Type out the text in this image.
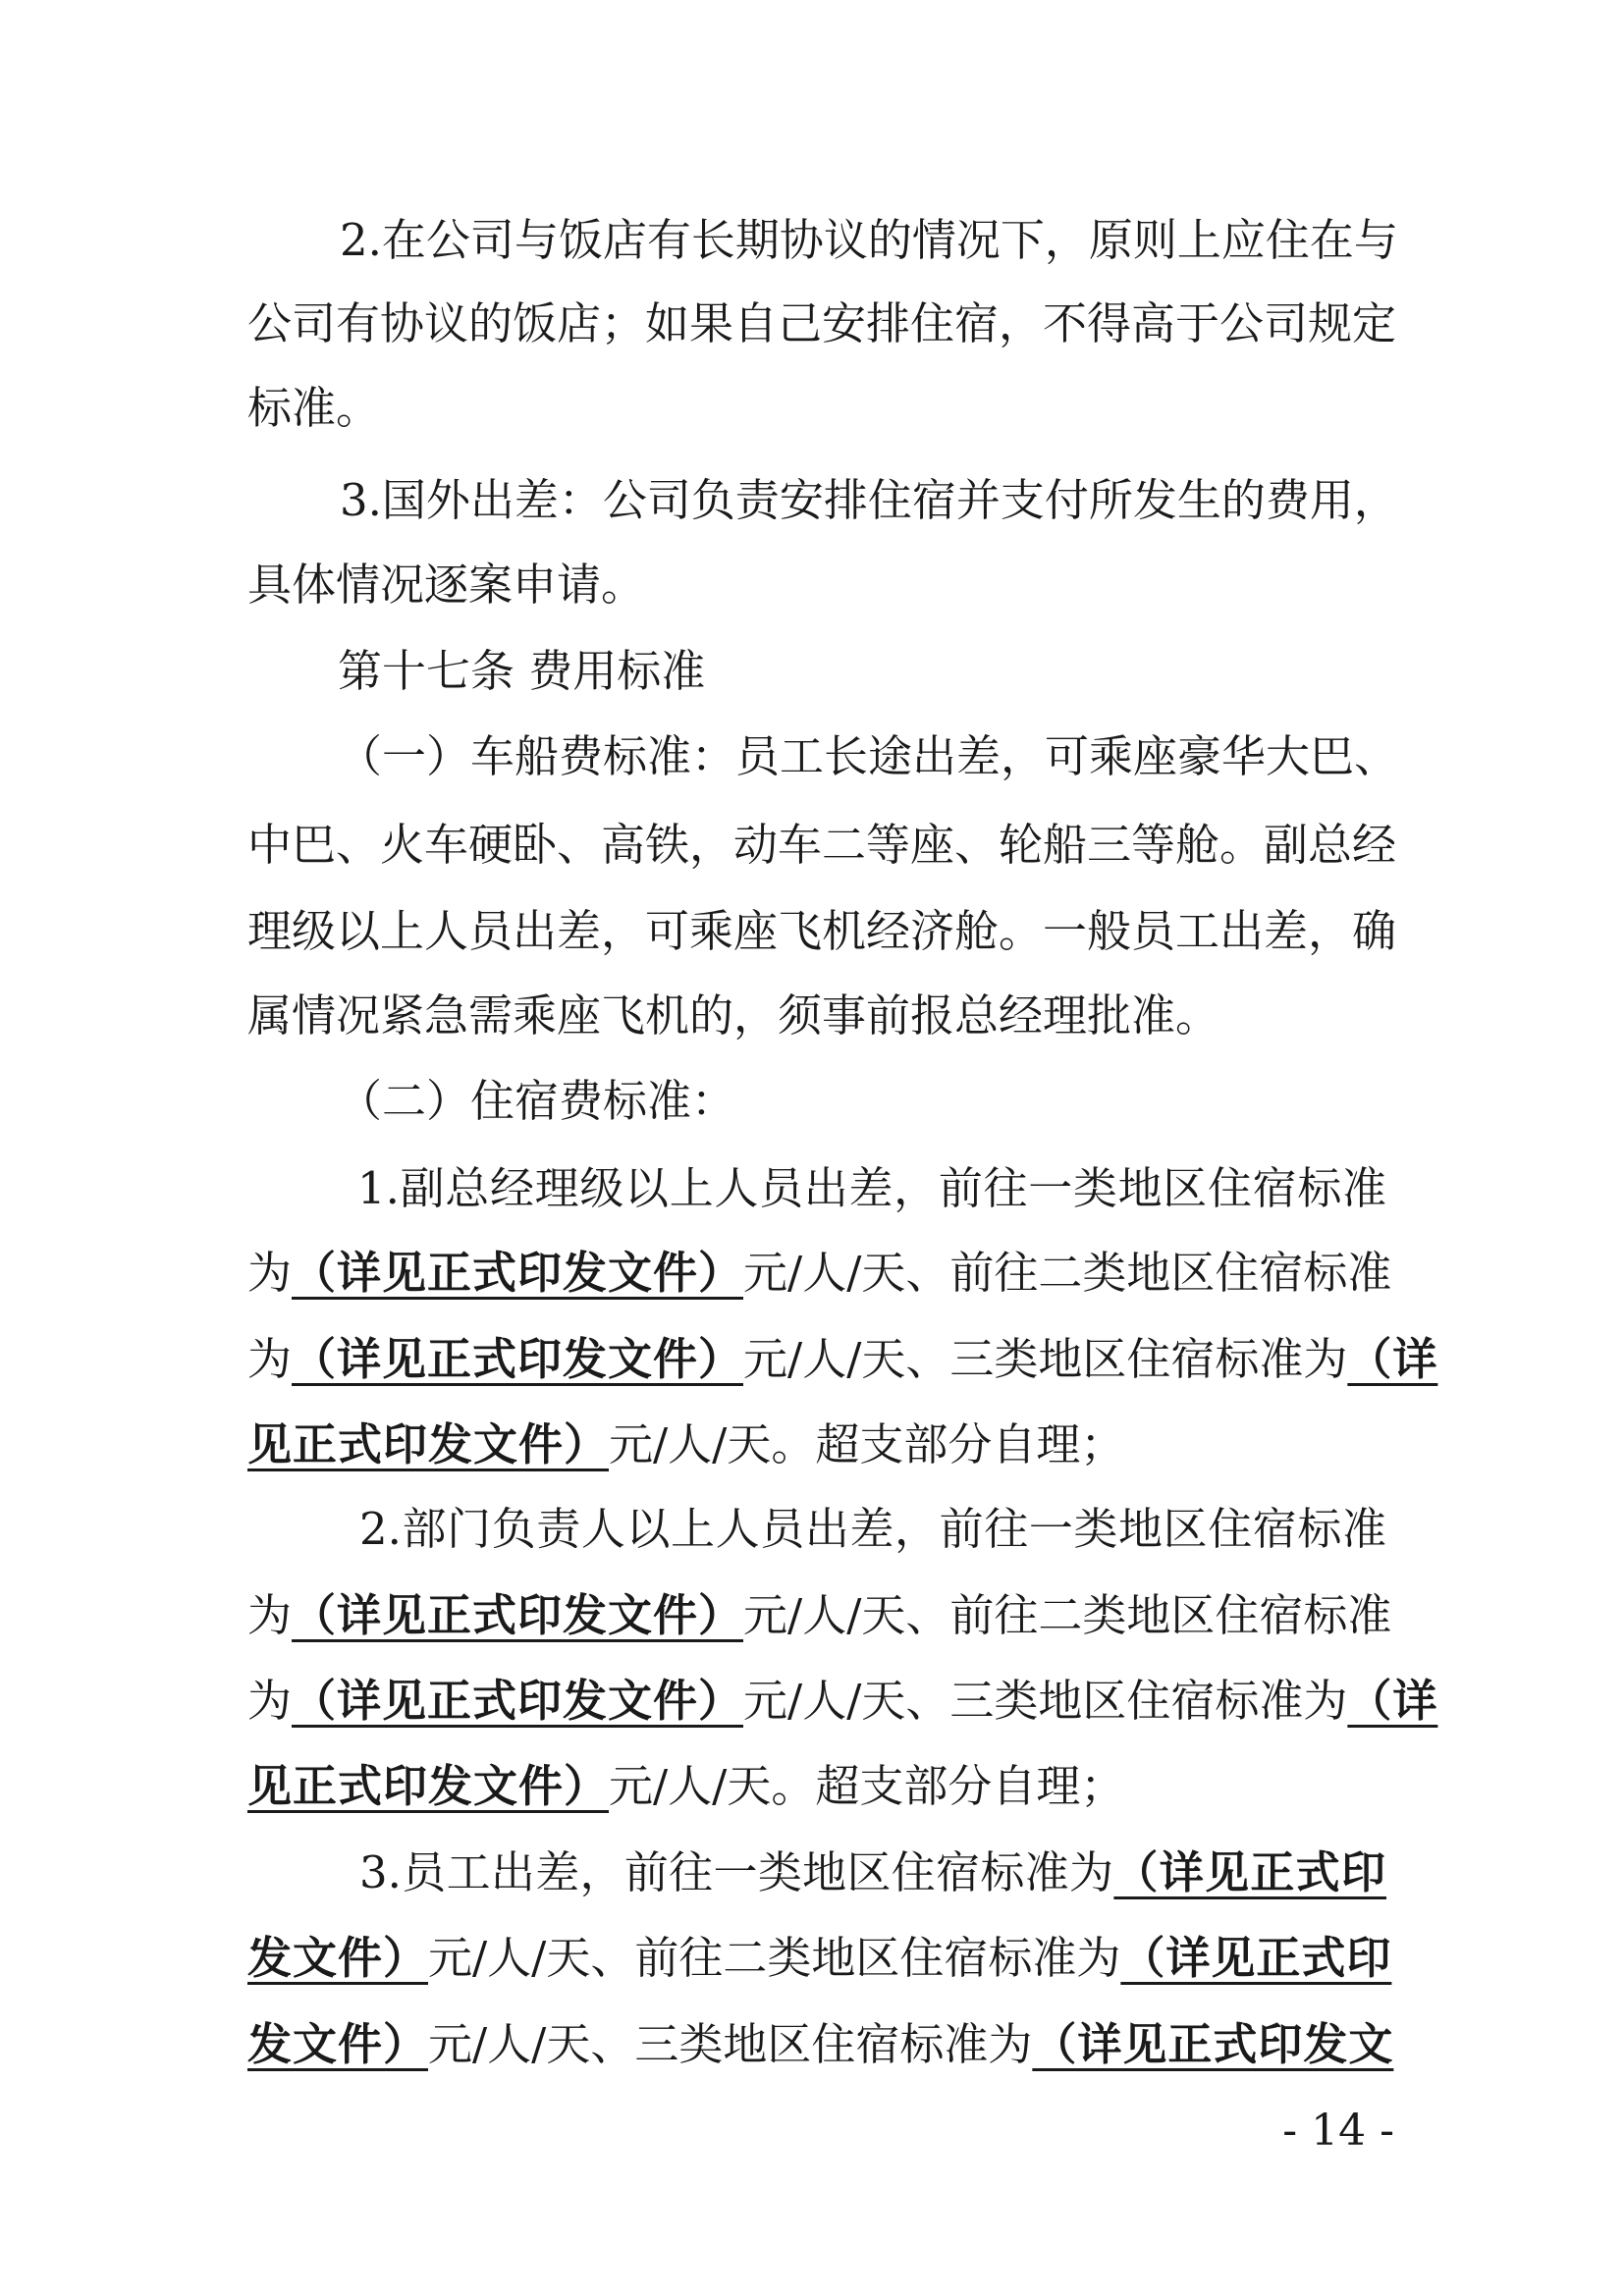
2.在公司与饭店有长期协议的情况下，原则上应住在与
公司有协议的饭店；如果自己安排住宿，不得高于公司规定
标准。
3.国外出差：公司负责安排住宿并支付所发生的费用，
具体情况逐案申请。
第十七条 费用标准
（一）车船费标准：员工长途出差，可乘座豪华大巴、
中巴、火车硬卧、高铁，动车二等座、轮船三等舱。副总经
理级以上人员出差，可乘座飞机经济舱。一般员工出差，确
属情况紧急需乘座飞机的，须事前报总经理批准。
（二）住宿费标准：
1.副总经理级以上人员出差，前往一类地区住宿标准
为（详见正式印发文件）元/人/天、前往二类地区住宿标准
为（详见正式印发文件）元/人/天、三类地区住宿标准为（详
见正式印发文件）元/人/天。超支部分自理；
2.部门负责人以上人员出差，前往一类地区住宿标准
为（详见正式印发文件）元/人/天、前往二类地区住宿标准
为（详见正式印发文件）元/人/天、三类地区住宿标准为（详
见正式印发文件）元/人/天。超支部分自理；
3.员工出差，前往一类地区住宿标准为（详见正式印
发文件）元/人/天、前往二类地区住宿标准为（详见正式印
发文件）元/人/天、三类地区住宿标准为（详见正式印发文
- 14 -
